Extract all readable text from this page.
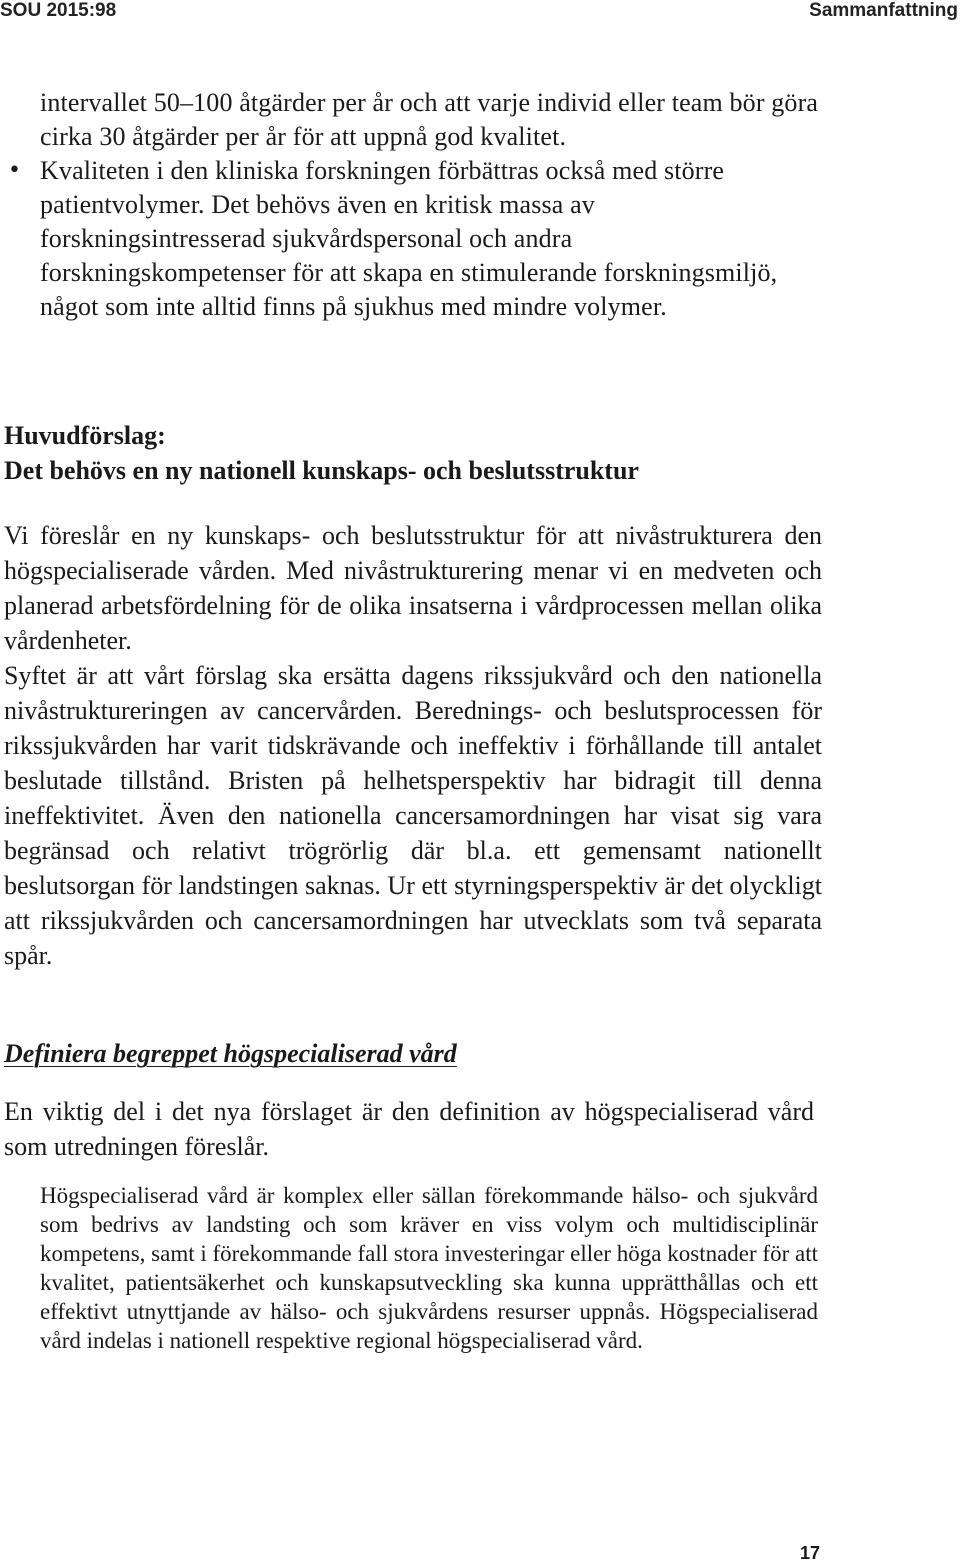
SOU 2015:98	Sammanfattning

intervallet 50–100 åtgärder per år och att varje individ eller team bör göra cirka 30 åtgärder per år för att uppnå god kvalitet.

• Kvaliteten i den kliniska forskningen förbättras också med större patientvolymer. Det behövs även en kritisk massa av forskningsintresserad sjukvårdspersonal och andra forskningskompetenser för att skapa en stimulerande forskningsmiljö, något som inte alltid finns på sjukhus med mindre volymer.

Huvudförslag:

Det behövs en ny nationell kunskaps- och beslutsstruktur

Vi föreslår en ny kunskaps- och beslutsstruktur för att nivåstrukturera den högspecialiserade vården. Med nivåstrukturering menar vi en medveten och planerad arbetsfördelning för de olika insatserna i vårdprocessen mellan olika vårdenheter.

Syftet är att vårt förslag ska ersätta dagens rikssjukvård och den nationella nivåstruktureringen av cancervården. Berednings- och beslutsprocessen för rikssjukvården har varit tidskrävande och ineffektiv i förhållande till antalet beslutade tillstånd. Bristen på helhetsperspektiv har bidragit till denna ineffektivitet. Även den nationella cancersamordningen har visat sig vara begränsad och relativt trögrörlig där bl.a. ett gemensamt nationellt beslutsorgan för landstingen saknas. Ur ett styrningsperspektiv är det olyckligt att rikssjukvården och cancersamordningen har utvecklats som två separata spår.

Definiera begreppet högspecialiserad vård

En viktig del i det nya förslaget är den definition av högspecialiserad vård som utredningen föreslår.

Högspecialiserad vård är komplex eller sällan förekommande hälso- och sjukvård som bedrivs av landsting och som kräver en viss volym och multidisciplinär kompetens, samt i förekommande fall stora investeringar eller höga kostnader för att kvalitet, patientsäkerhet och kunskapsutveckling ska kunna upprätthållas och ett effektivt utnyttjande av hälso- och sjukvårdens resurser uppnås. Högspecialiserad vård indelas i nationell respektive regional högspecialiserad vård.

17
